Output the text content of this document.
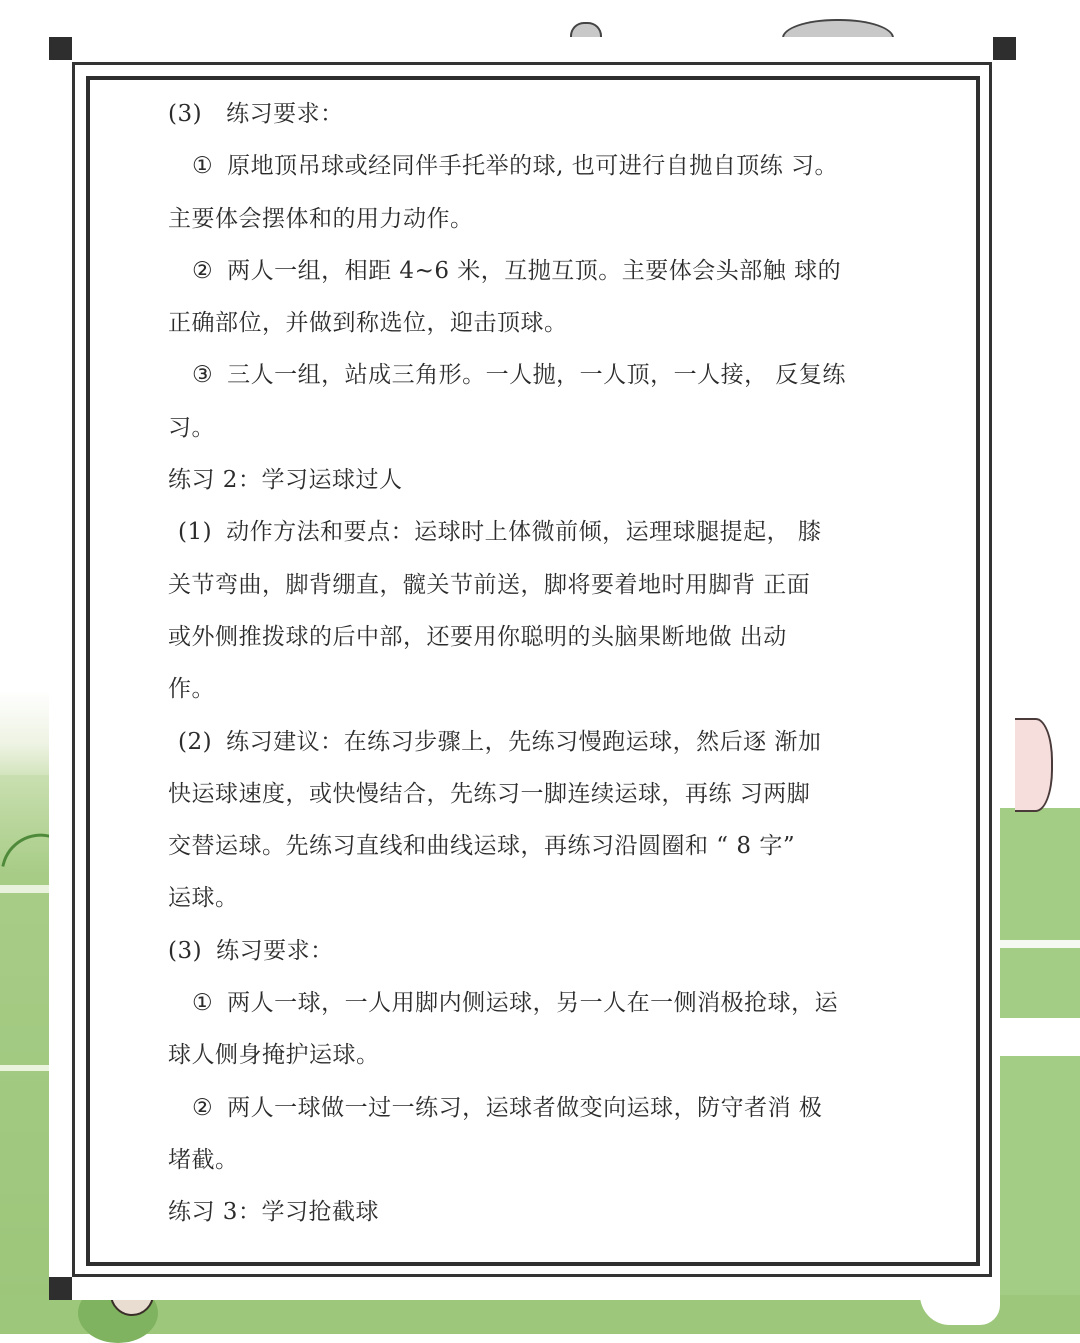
(3) 练习要求：
① 原地顶吊球或经同伴手托举的球, 也可进行自抛自顶练 习。
主要体会摆体和的用力动作。
② 两人一组，相距 4~6 米，互抛互顶。主要体会头部触 球的
正确部位，并做到称选位，迎击顶球。
③ 三人一组，站成三角形。一人抛，一人顶，一人接， 反复练
习。
练习 2：学习运球过人
(1) 动作方法和要点：运球时上体微前倾，运理球腿提起， 膝
关节弯曲，脚背绷直，髋关节前送，脚将要着地时用脚背 正面
或外侧推拨球的后中部，还要用你聪明的头脑果断地做 出动
作。
(2) 练习建议：在练习步骤上，先练习慢跑运球，然后逐 渐加
快运球速度，或快慢结合，先练习一脚连续运球，再练 习两脚
交替运球。先练习直线和曲线运球，再练习沿圆圈和 “ 8 字”
运球。
(3) 练习要求：
① 两人一球，一人用脚内侧运球，另一人在一侧消极抢球，运
球人侧身掩护运球。
② 两人一球做一过一练习，运球者做变向运球，防守者消 极
堵截。
练习 3：学习抢截球
